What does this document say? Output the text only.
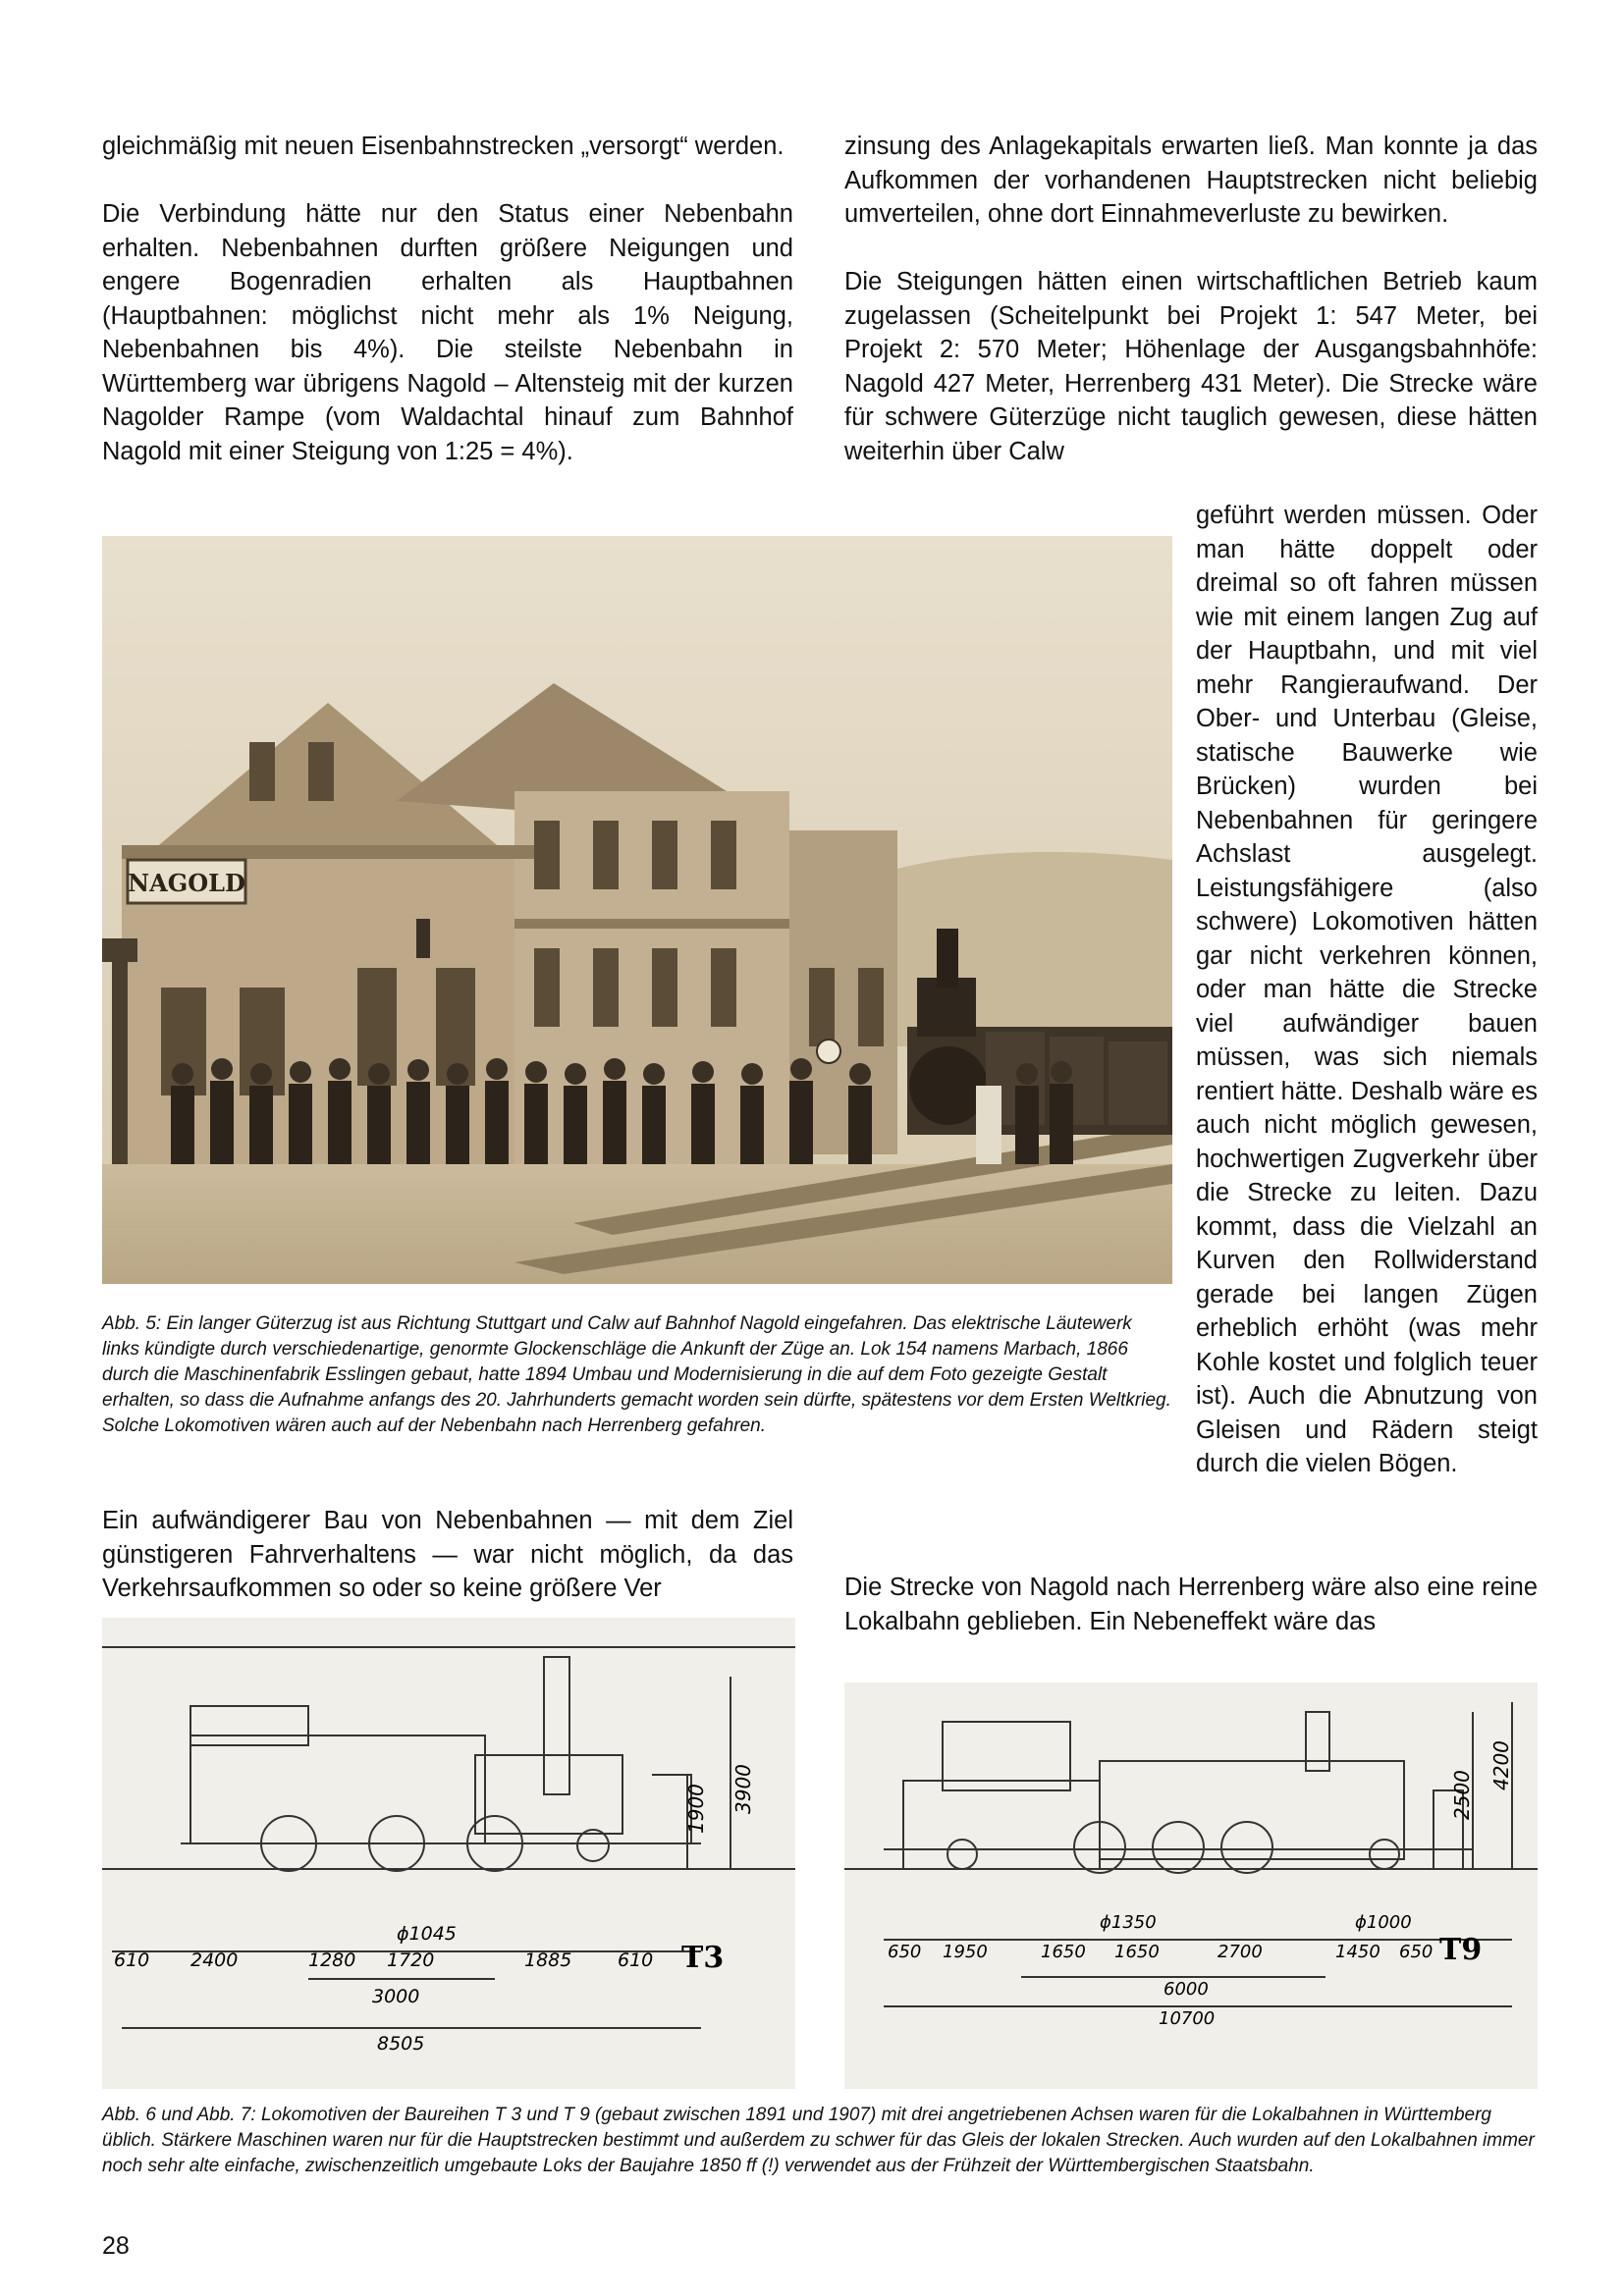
gleichmäßig mit neuen Eisenbahnstrecken „versorgt“ werden.

Die Verbindung hätte nur den Status einer Nebenbahn erhalten. Nebenbahnen durften größere Neigungen und engere Bogenradien erhalten als Hauptbahnen (Hauptbahnen: möglichst nicht mehr als 1% Neigung, Nebenbahnen bis 4%). Die steilste Nebenbahn in Württemberg war übrigens Nagold – Altensteig mit der kurzen Nagolder Rampe (vom Waldachtal hinauf zum Bahnhof Nagold mit einer Steigung von 1:25 = 4%).

zinsung des Anlagekapitals erwarten ließ. Man konnte ja das Aufkommen der vorhandenen Hauptstrecken nicht beliebig umverteilen, ohne dort Einnahmeverluste zu bewirken.

Die Steigungen hätten einen wirtschaftlichen Betrieb kaum zugelassen (Scheitelpunkt bei Projekt 1: 547 Meter, bei Projekt 2: 570 Meter; Höhenlage der Ausgangsbahnhöfe: Nagold 427 Meter, Herrenberg 431 Meter). Die Strecke wäre für schwere Güterzüge nicht tauglich gewesen, diese hätten weiterhin über Calw

geführt werden müssen. Oder man hätte doppelt oder dreimal so oft fahren müssen wie mit einem langen Zug auf der Hauptbahn, und mit viel mehr Rangieraufwand. Der Ober- und Unterbau (Gleise, statische Bauwerke wie Brücken) wurden bei Nebenbahnen für geringere Achslast ausgelegt. Leistungsfähigere (also schwere) Lokomotiven hätten gar nicht verkehren können, oder man hätte die Strecke viel aufwändiger bauen müssen, was sich niemals rentiert hätte. Deshalb wäre es auch nicht möglich gewesen, hochwertigen Zugverkehr über die Strecke zu leiten. Dazu kommt, dass die Vielzahl an Kurven den Rollwiderstand gerade bei langen Zügen erheblich erhöht (was mehr Kohle kostet und folglich teuer ist). Auch die Abnutzung von Gleisen und Rädern steigt durch die vielen Bögen.

NAGOLD

Abb. 5: Ein langer Güterzug ist aus Richtung Stuttgart und Calw auf Bahnhof Nagold eingefahren. Das elektrische Läutewerk links kündigte durch verschiedenartige, genormte Glockenschläge die Ankunft der Züge an. Lok 154 namens Marbach, 1866 durch die Maschinenfabrik Esslingen gebaut, hatte 1894 Umbau und Modernisierung in die auf dem Foto gezeigte Gestalt erhalten, so dass die Aufnahme anfangs des 20. Jahrhunderts gemacht worden sein dürfte, spätestens vor dem Ersten Weltkrieg. Solche Lokomotiven wären auch auf der Nebenbahn nach Herrenberg gefahren.

Ein aufwändigerer Bau von Nebenbahnen — mit dem Ziel günstigeren Fahrverhaltens — war nicht möglich, da das Verkehrsaufkommen so oder so keine größere Ver	Die Strecke von Nagold nach Herrenberg wäre also eine reine Lokalbahn geblieben. Ein Nebeneffekt wäre das

1900 3900
ϕ1045
610 2400	1280 1720	1885 610
3000
8505
T3
2500
4200
ϕ1350	ϕ1000
650 1950	1650 1650	2700	1450 650
6000
10700
T9

Abb. 6 und Abb. 7: Lokomotiven der Baureihen T 3 und T 9 (gebaut zwischen 1891 und 1907) mit drei angetriebenen Achsen waren für die Lokalbahnen in Württemberg üblich. Stärkere Maschinen waren nur für die Hauptstrecken bestimmt und außerdem zu schwer für das Gleis der lokalen Strecken. Auch wurden auf den Lokalbahnen immer noch sehr alte einfache, zwischenzeitlich umgebaute Loks der Baujahre 1850 ff (!) verwendet aus der Frühzeit der Württembergischen Staatsbahn.

28
